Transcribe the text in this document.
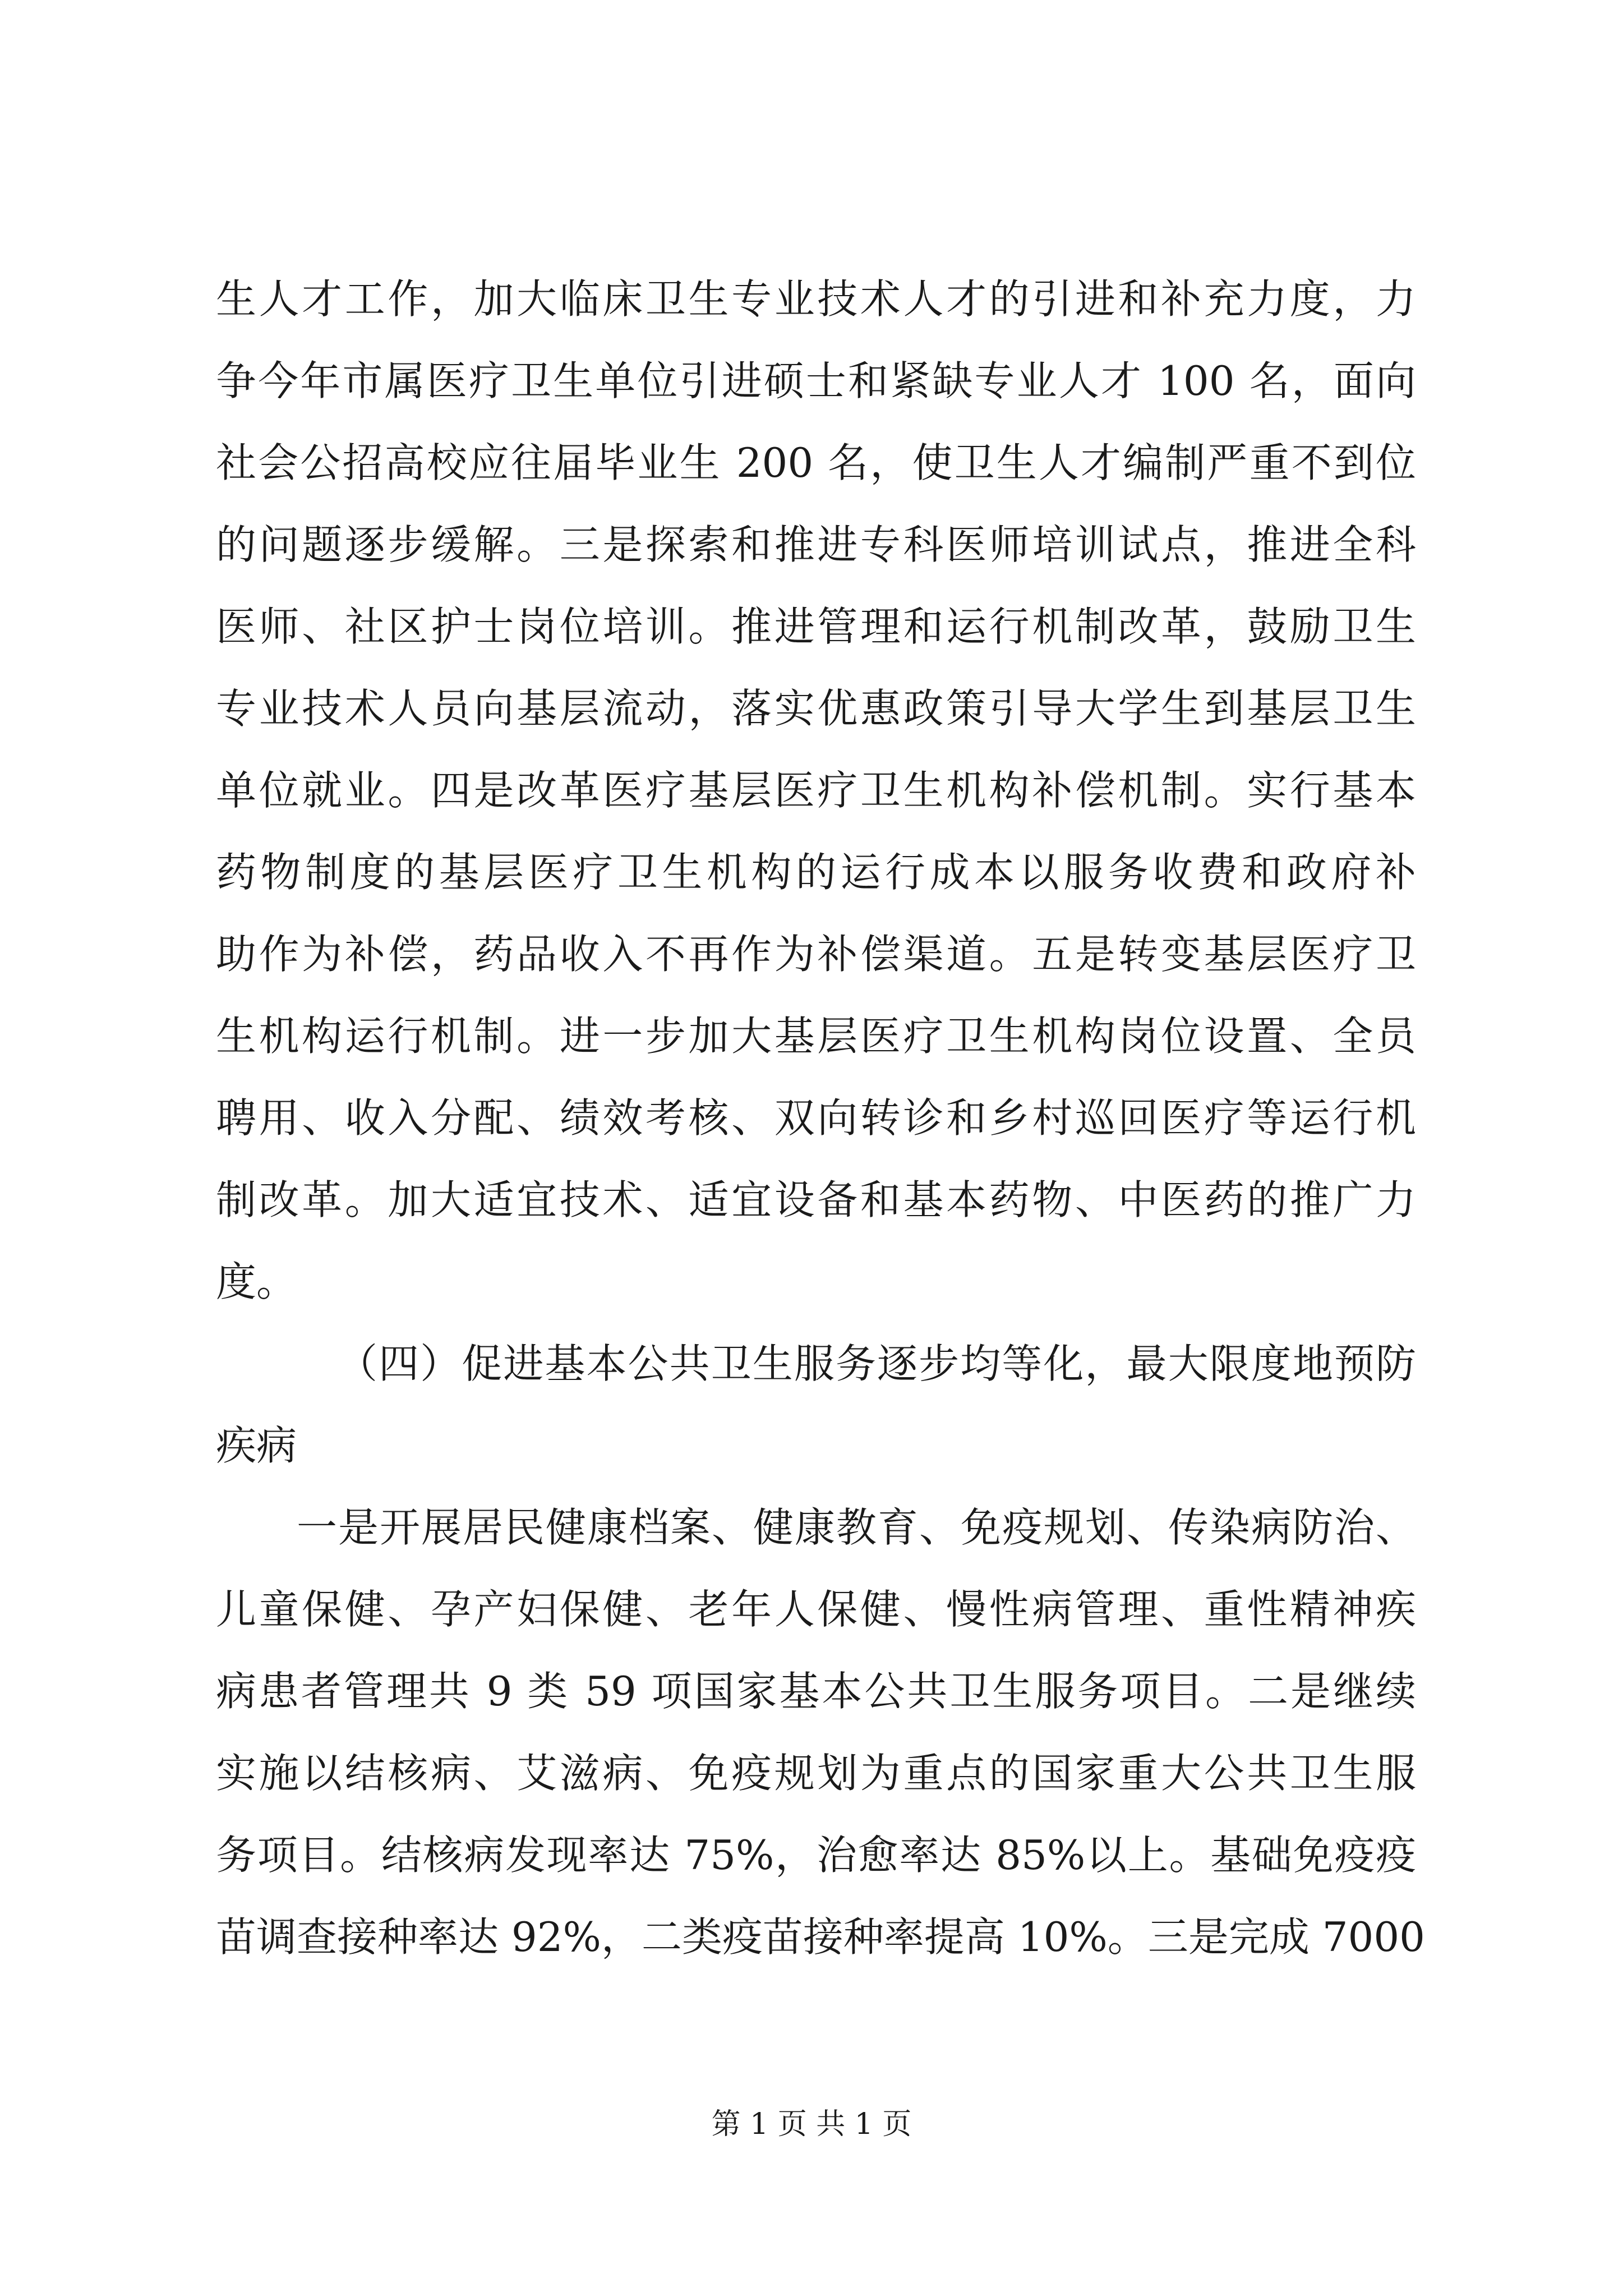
生人才工作，加大临床卫生专业技术人才的引进和补充力度，力
争今年市属医疗卫生单位引进硕士和紧缺专业人才 100 名，面向
社会公招高校应往届毕业生 200 名，使卫生人才编制严重不到位
的问题逐步缓解。三是探索和推进专科医师培训试点，推进全科
医师、社区护士岗位培训。推进管理和运行机制改革，鼓励卫生
专业技术人员向基层流动，落实优惠政策引导大学生到基层卫生
单位就业。四是改革医疗基层医疗卫生机构补偿机制。实行基本
药物制度的基层医疗卫生机构的运行成本以服务收费和政府补
助作为补偿，药品收入不再作为补偿渠道。五是转变基层医疗卫
生机构运行机制。进一步加大基层医疗卫生机构岗位设置、全员
聘用、收入分配、绩效考核、双向转诊和乡村巡回医疗等运行机
制改革。加大适宜技术、适宜设备和基本药物、中医药的推广力
度。
（四）促进基本公共卫生服务逐步均等化，最大限度地预防
疾病
一是开展居民健康档案、健康教育、免疫规划、传染病防治、
儿童保健、孕产妇保健、老年人保健、慢性病管理、重性精神疾
病患者管理共 9 类 59 项国家基本公共卫生服务项目。二是继续
实施以结核病、艾滋病、免疫规划为重点的国家重大公共卫生服
务项目。结核病发现率达 75%，治愈率达 85%以上。基础免疫疫
苗调查接种率达 92%，二类疫苗接种率提高 10%。三是完成 7000
第 1 页 共 1 页
